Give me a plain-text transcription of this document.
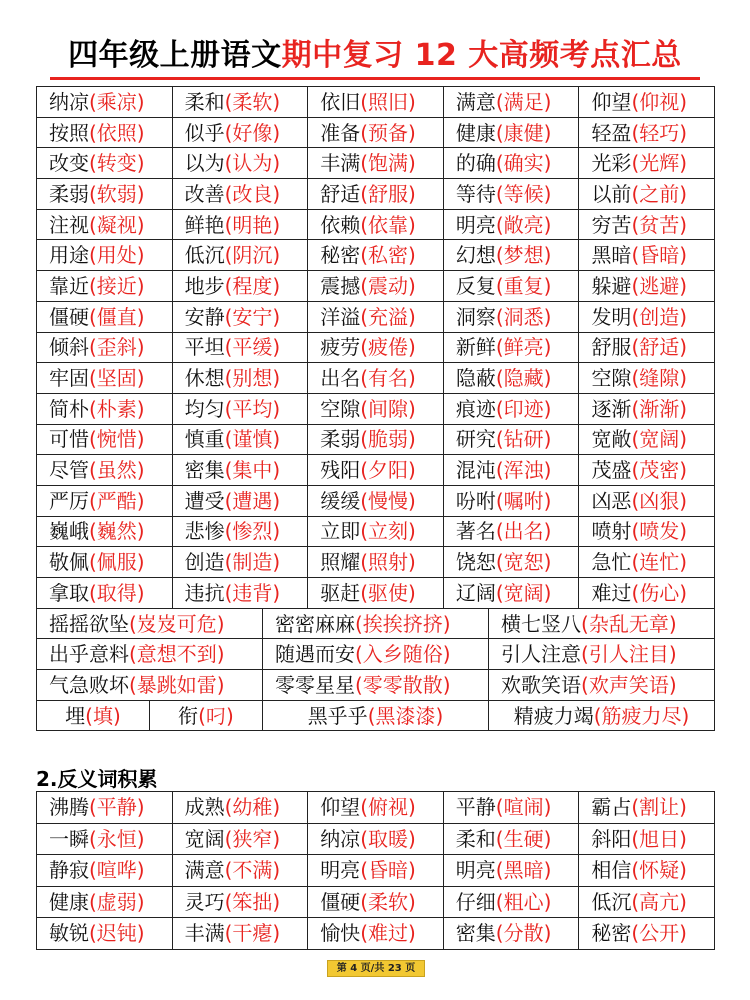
四年级上册语文期中复习 12 大高频考点汇总
纳凉(乘凉)		柔和(柔软)		依旧(照旧)	满意(满足)		仰望(仰视)
按照(依照)		似乎(好像)		准备(预备)	健康(康健)		轻盈(轻巧)
改变(转变)		以为(认为)		丰满(饱满)	的确(确实)		光彩(光辉)
柔弱(软弱)		改善(改良)		舒适(舒服)	等待(等候)		以前(之前)
注视(凝视)		鲜艳(明艳)		依赖(依靠)	明亮(敞亮)		穷苦(贫苦)
用途(用处)		低沉(阴沉)		秘密(私密)	幻想(梦想)		黑暗(昏暗)
靠近(接近)		地步(程度)		震撼(震动)	反复(重复)		躲避(逃避)
僵硬(僵直)		安静(安宁)		洋溢(充溢)	洞察(洞悉)		发明(创造)
倾斜(歪斜)		平坦(平缓)		疲劳(疲倦)	新鲜(鲜亮)		舒服(舒适)
牢固(坚固)		休想(别想)		出名(有名)	隐蔽(隐藏)		空隙(缝隙)
简朴(朴素)		均匀(平均)		空隙(间隙)	痕迹(印迹)		逐渐(渐渐)
可惜(惋惜)		慎重(谨慎)		柔弱(脆弱)	研究(钻研)		宽敞(宽阔)
尽管(虽然)		密集(集中)		残阳(夕阳)	混沌(浑浊)		茂盛(茂密)
严厉(严酷)		遭受(遭遇)		缓缓(慢慢)	吩咐(嘱咐)		凶恶(凶狠)
巍峨(巍然)		悲惨(惨烈)		立即(立刻)	著名(出名)		喷射(喷发)
敬佩(佩服)		创造(制造)		照耀(照射)	饶恕(宽恕)		急忙(连忙)
拿取(取得)		违抗(违背)		驱赶(驱使)	辽阔(宽阔)		难过(伤心)
摇摇欲坠(岌岌可危)			密密麻麻(挨挨挤挤)			横七竖八(杂乱无章)	
出乎意料(意想不到)			随遇而安(入乡随俗)			引人注意(引人注目)	
气急败坏(暴跳如雷)			零零星星(零零散散)			欢歌笑语(欢声笑语)	
埋(填)	衔(叼)		黑乎乎(黑漆漆)			精疲力竭(筋疲力尽)	
2.反义词积累
沸腾(平静)	成熟(幼稚)	仰望(俯视)	平静(喧闹)	霸占(割让)
一瞬(永恒)	宽阔(狭窄)	纳凉(取暖)	柔和(生硬)	斜阳(旭日)
静寂(喧哗)	满意(不满)	明亮(昏暗)	明亮(黑暗)	相信(怀疑)
健康(虚弱)	灵巧(笨拙)	僵硬(柔软)	仔细(粗心)	低沉(高亢)
敏锐(迟钝)	丰满(干瘪)	愉快(难过)	密集(分散)	秘密(公开)
第 4 页/共 23 页
